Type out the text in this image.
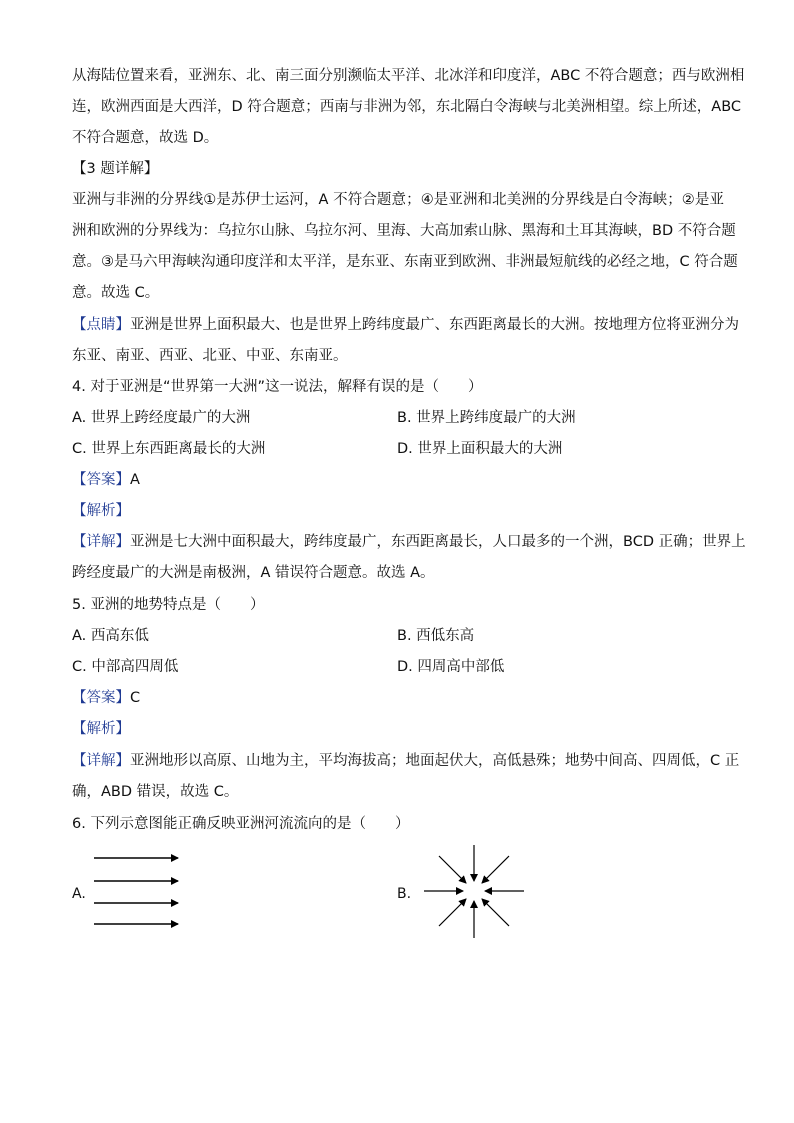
从海陆位置来看，亚洲东、北、南三面分别濒临太平洋、北冰洋和印度洋，ABC 不符合题意；西与欧洲相
连，欧洲西面是大西洋，D 符合题意；西南与非洲为邻，东北隔白令海峡与北美洲相望。综上所述，ABC
不符合题意，故选 D。
【3 题详解】
亚洲与非洲的分界线①是苏伊士运河，A 不符合题意；④是亚洲和北美洲的分界线是白令海峡；②是亚
洲和欧洲的分界线为：乌拉尔山脉、乌拉尔河、里海、大高加索山脉、黑海和土耳其海峡，BD 不符合题
意。③是马六甲海峡沟通印度洋和太平洋，是东亚、东南亚到欧洲、非洲最短航线的必经之地，C 符合题
意。故选 C。
【点睛】亚洲是世界上面积最大、也是世界上跨纬度最广、东西距离最长的大洲。按地理方位将亚洲分为
东亚、南亚、西亚、北亚、中亚、东南亚。
4. 对于亚洲是“世界第一大洲”这一说法，解释有误的是（　　）
A. 世界上跨经度最广的大洲	B. 世界上跨纬度最广的大洲
C. 世界上东西距离最长的大洲	D. 世界上面积最大的大洲
【答案】A
【解析】
【详解】亚洲是七大洲中面积最大，跨纬度最广，东西距离最长，人口最多的一个洲，BCD 正确；世界上
跨经度最广的大洲是南极洲，A 错误符合题意。故选 A。
5. 亚洲的地势特点是（　　）
A. 西高东低	B. 西低东高
C. 中部高四周低	D. 四周高中部低
【答案】C
【解析】
【详解】亚洲地形以高原、山地为主，平均海拔高；地面起伏大，高低悬殊；地势中间高、四周低，C 正
确，ABD 错误，故选 C。
6. 下列示意图能正确反映亚洲河流流向的是（　　）
A.	B.
